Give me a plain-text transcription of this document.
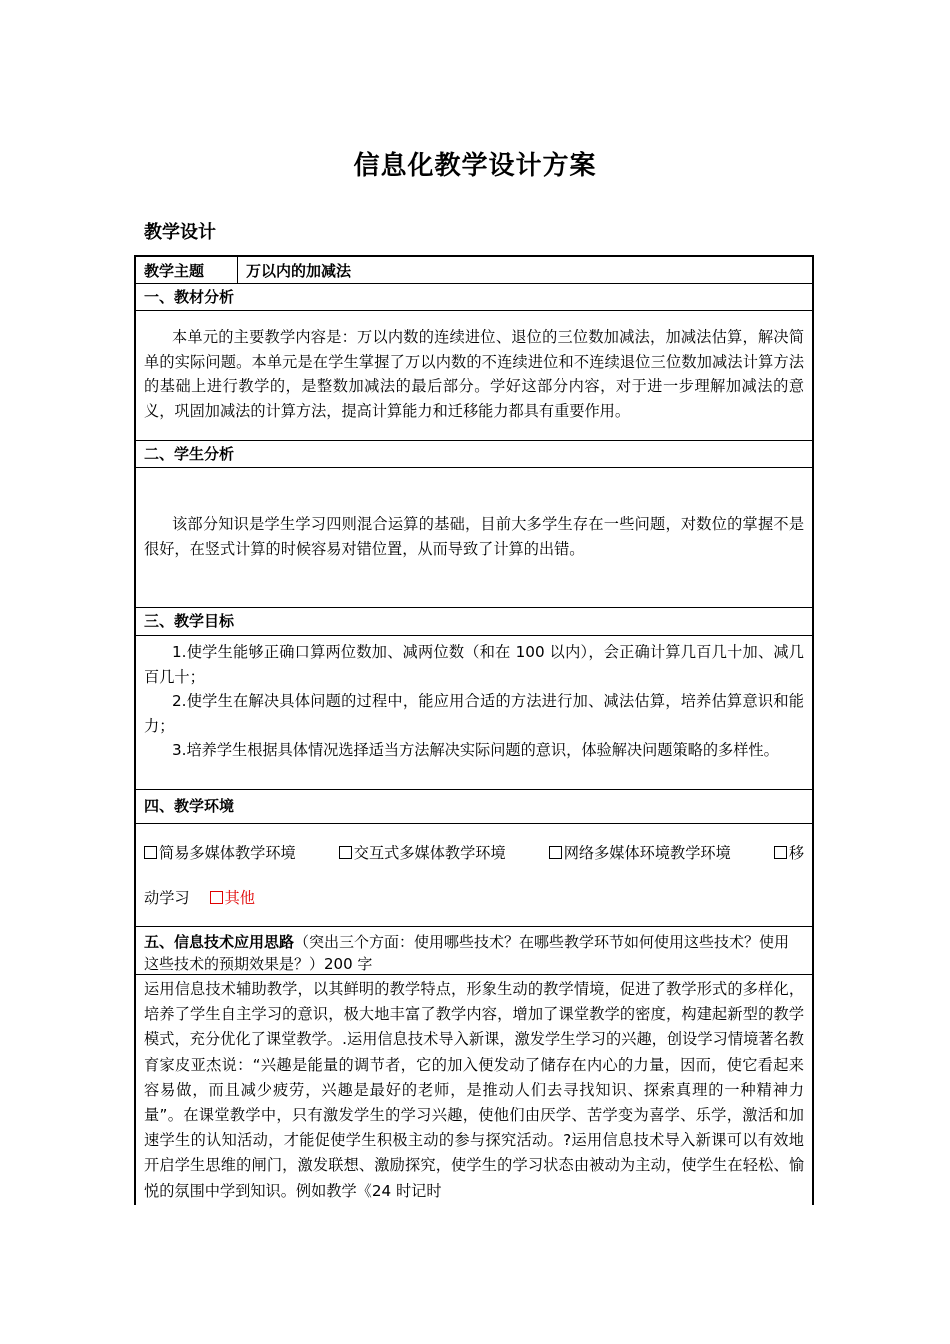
信息化教学设计方案
教学设计
教学主题	万以内的加减法
一、教材分析
本单元的主要教学内容是：万以内数的连续进位、退位的三位数加减法，加减法估算，解决简单的实际问题。本单元是在学生掌握了万以内数的不连续进位和不连续退位三位数加减法计算方法的基础上进行教学的，是整数加减法的最后部分。学好这部分内容，对于进一步理解加减法的意义，巩固加减法的计算方法，提高计算能力和迁移能力都具有重要作用。
二、学生分析
该部分知识是学生学习四则混合运算的基础，目前大多学生存在一些问题，对数位的掌握不是很好，在竖式计算的时候容易对错位置，从而导致了计算的出错。
三、教学目标
1.使学生能够正确口算两位数加、减两位数（和在 100 以内），会正确计算几百几十加、减几百几十；
2.使学生在解决具体问题的过程中，能应用合适的方法进行加、减法估算，培养估算意识和能力；
3.培养学生根据具体情况选择适当方法解决实际问题的意识，体验解决问题策略的多样性。
四、教学环境
简易多媒体教学环境	交互式多媒体教学环境	网络多媒体环境教学环境	移
动学习	其他
五、信息技术应用思路（突出三个方面：使用哪些技术？在哪些教学环节如何使用这些技术？使用这些技术的预期效果是？）200 字
运用信息技术辅助教学，以其鲜明的教学特点，形象生动的教学情境，促进了教学形式的多样化，培养了学生自主学习的意识，极大地丰富了教学内容，增加了课堂教学的密度，构建起新型的教学模式，充分优化了课堂教学。.运用信息技术导入新课，激发学生学习的兴趣，创设学习情境著名教育家皮亚杰说：“兴趣是能量的调节者，它的加入便发动了储存在内心的力量，因而，使它看起来容易做，而且减少疲劳，兴趣是最好的老师，是推动人们去寻找知识、探索真理的一种精神力量”。在课堂教学中，只有激发学生的学习兴趣，使他们由厌学、苦学变为喜学、乐学，激活和加速学生的认知活动，才能促使学生积极主动的参与探究活动。?运用信息技术导入新课可以有效地开启学生思维的闸门，激发联想、激励探究，使学生的学习状态由被动为主动，使学生在轻松、愉悦的氛围中学到知识。例如教学《24 时记时
